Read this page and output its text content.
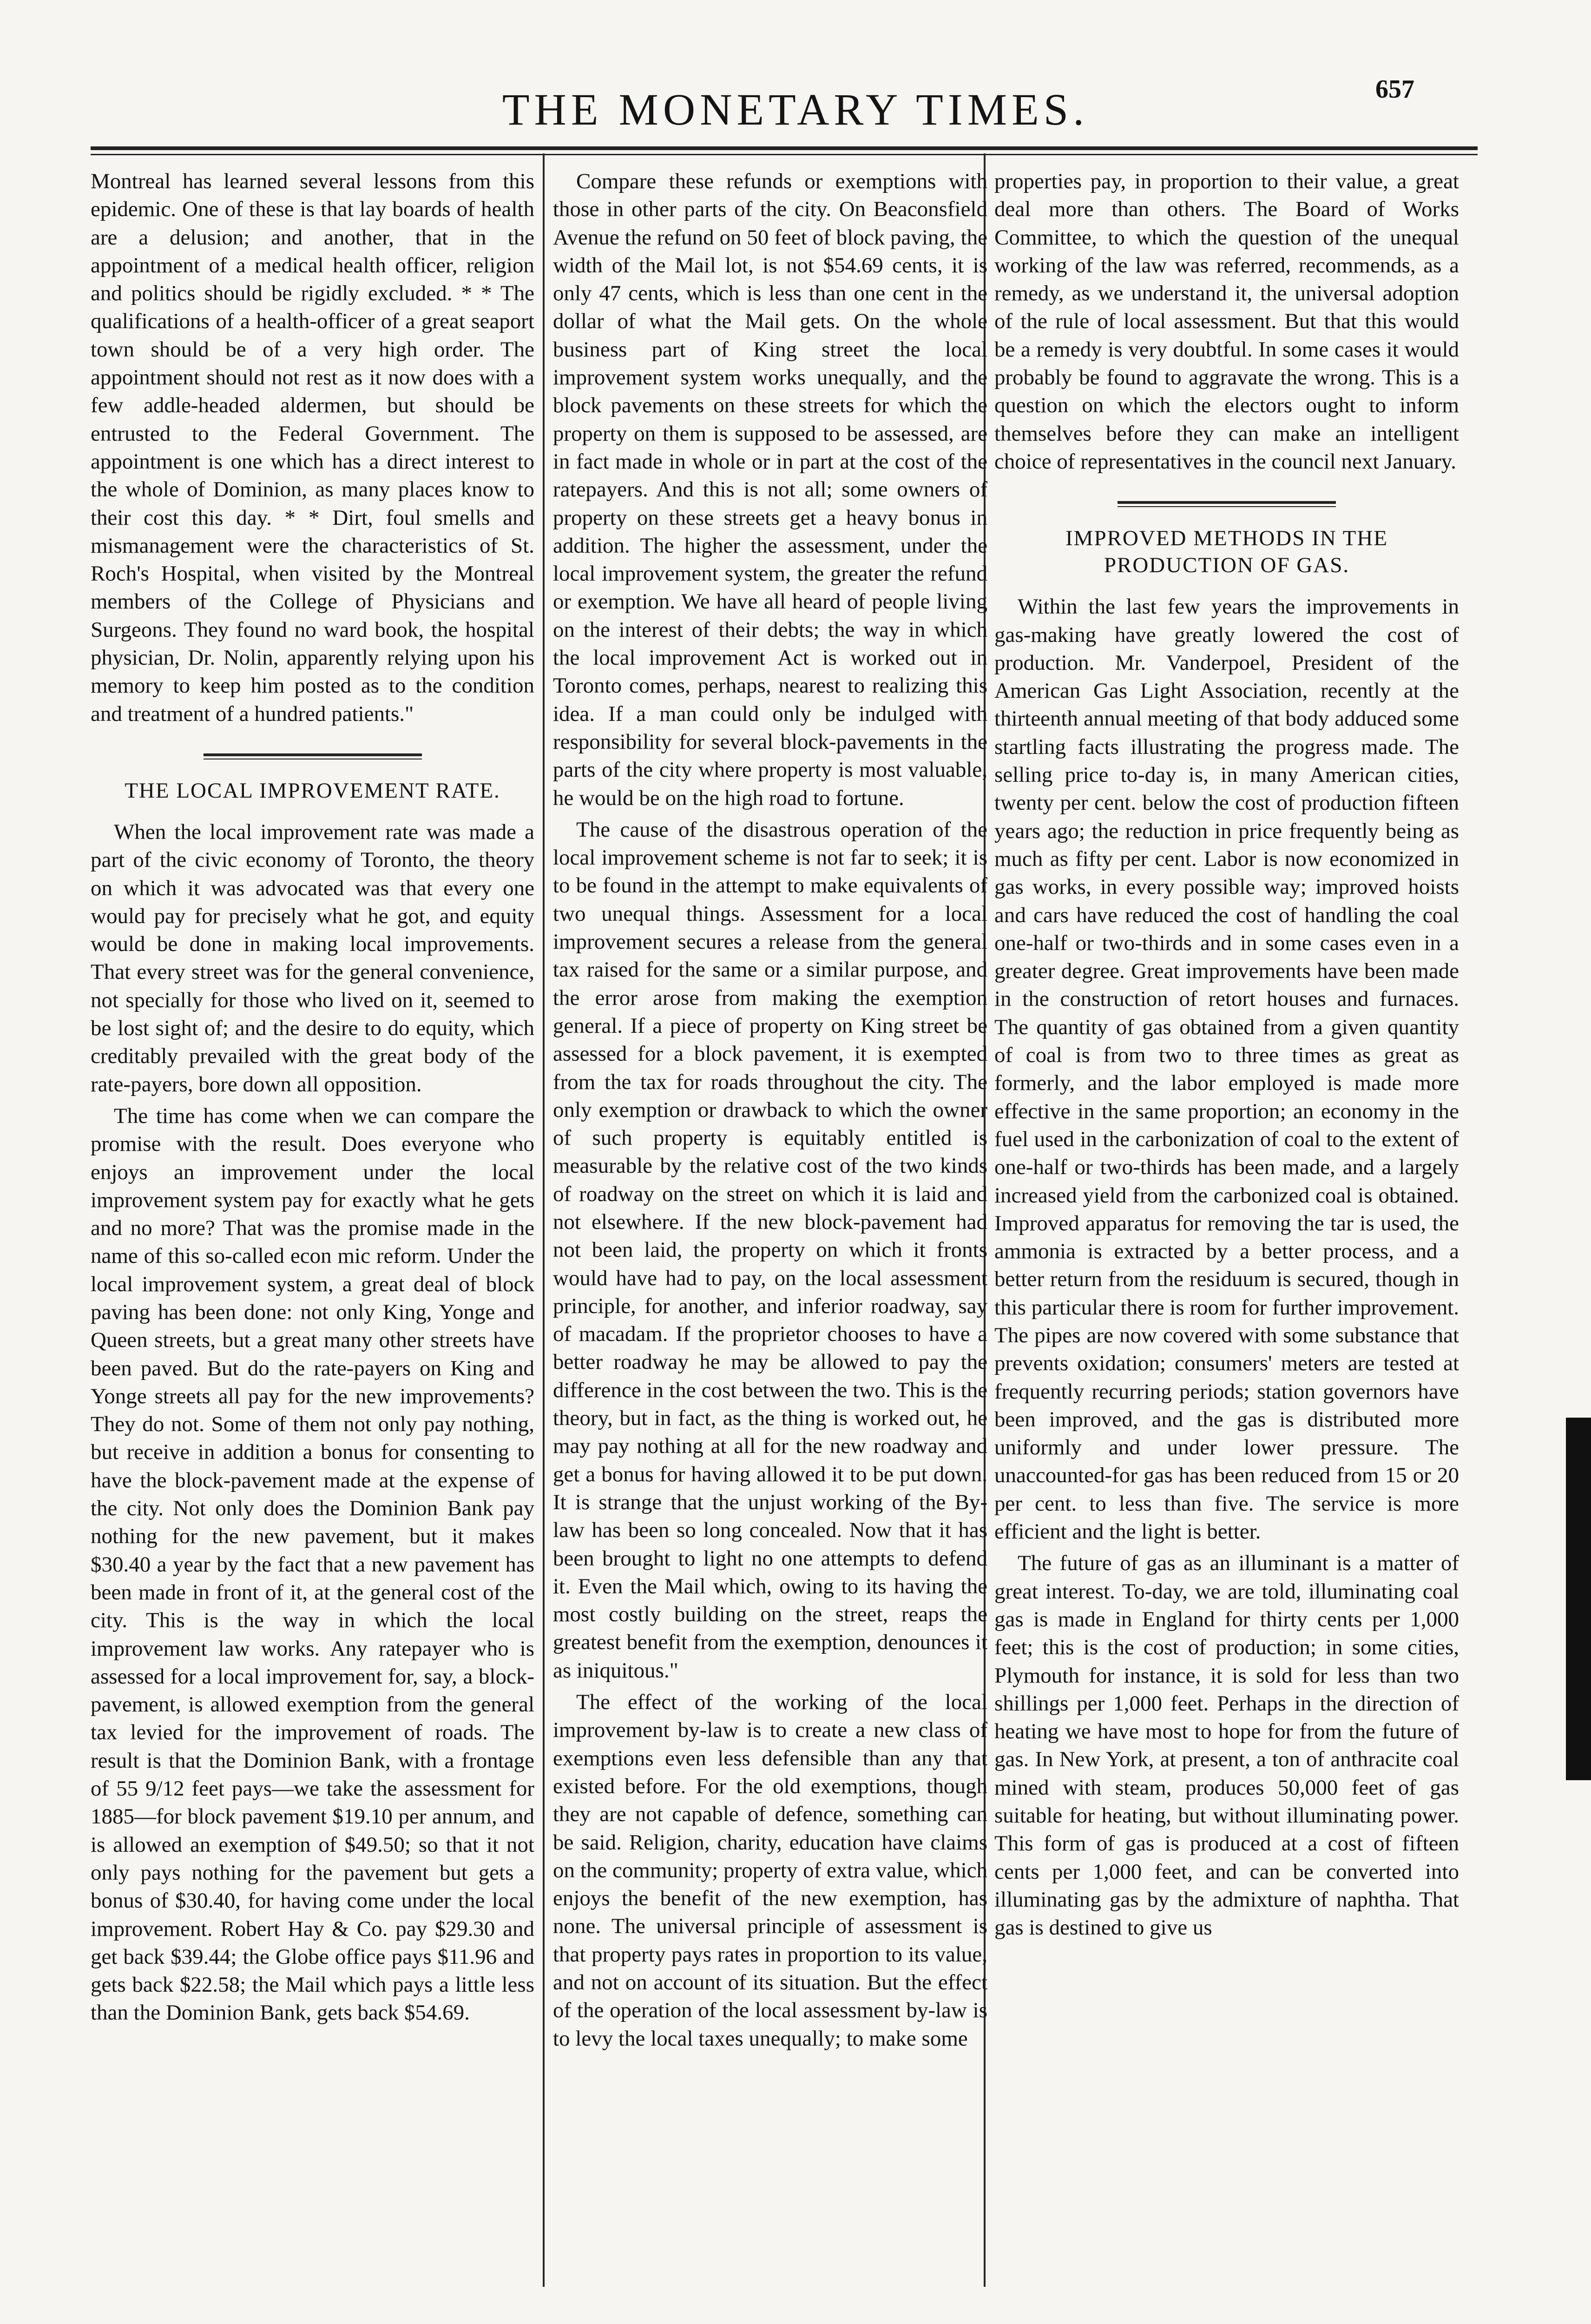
657
THE MONETARY TIMES.

Montreal has learned several lessons from this epidemic. One of these is that lay boards of health are a delusion; and another, that in the appointment of a medical health officer, religion and politics should be rigidly excluded. * * The qualifications of a health-officer of a great seaport town should be of a very high order. The appointment should not rest as it now does with a few addle-headed aldermen, but should be entrusted to the Federal Government. The appointment is one which has a direct interest to the whole of Dominion, as many places know to their cost this day. * * Dirt, foul smells and mismanagement were the characteristics of St. Roch's Hospital, when visited by the Montreal members of the College of Physicians and Surgeons. They found no ward book, the hospital physician, Dr. Nolin, apparently relying upon his memory to keep him posted as to the condition and treatment of a hundred patients."

THE LOCAL IMPROVEMENT RATE.

When the local improvement rate was made a part of the civic economy of Toronto, the theory on which it was advocated was that every one would pay for precisely what he got, and equity would be done in making local improvements. That every street was for the general convenience, not specially for those who lived on it, seemed to be lost sight of; and the desire to do equity, which creditably prevailed with the great body of the rate-payers, bore down all opposition.

The time has come when we can compare the promise with the result. Does everyone who enjoys an improvement under the local improvement system pay for exactly what he gets and no more? That was the promise made in the name of this so-called econ mic reform. Under the local improvement system, a great deal of block paving has been done: not only King, Yonge and Queen streets, but a great many other streets have been paved. But do the rate-payers on King and Yonge streets all pay for the new improvements? They do not. Some of them not only pay nothing, but receive in addition a bonus for consenting to have the block-pavement made at the expense of the city. Not only does the Dominion Bank pay nothing for the new pavement, but it makes $30.40 a year by the fact that a new pavement has been made in front of it, at the general cost of the city. This is the way in which the local improvement law works. Any ratepayer who is assessed for a local improvement for, say, a block-pavement, is allowed exemption from the general tax levied for the improvement of roads. The result is that the Dominion Bank, with a frontage of 55 9/12 feet pays—we take the assessment for 1885—for block pavement $19.10 per annum, and is allowed an exemption of $49.50; so that it not only pays nothing for the pavement but gets a bonus of $30.40, for having come under the local improvement. Robert Hay & Co. pay $29.30 and get back $39.44; the Globe office pays $11.96 and gets back $22.58; the Mail which pays a little less than the Dominion Bank, gets back $54.69.

Compare these refunds or exemptions with those in other parts of the city. On Beaconsfield Avenue the refund on 50 feet of block paving, the width of the Mail lot, is not $54.69 cents, it is only 47 cents, which is less than one cent in the dollar of what the Mail gets. On the whole business part of King street the local improvement system works unequally, and the block pavements on these streets for which the property on them is supposed to be assessed, are in fact made in whole or in part at the cost of the ratepayers. And this is not all; some owners of property on these streets get a heavy bonus in addition. The higher the assessment, under the local improvement system, the greater the refund or exemption. We have all heard of people living on the interest of their debts; the way in which the local improvement Act is worked out in Toronto comes, perhaps, nearest to realizing this idea. If a man could only be indulged with responsibility for several block-pavements in the parts of the city where property is most valuable, he would be on the high road to fortune.

The cause of the disastrous operation of the local improvement scheme is not far to seek; it is to be found in the attempt to make equivalents of two unequal things. Assessment for a local improvement secures a release from the general tax raised for the same or a similar purpose, and the error arose from making the exemption general. If a piece of property on King street be assessed for a block pavement, it is exempted from the tax for roads throughout the city. The only exemption or drawback to which the owner of such property is equitably entitled is measurable by the relative cost of the two kinds of roadway on the street on which it is laid and not elsewhere. If the new block-pavement had not been laid, the property on which it fronts would have had to pay, on the local assessment principle, for another, and inferior roadway, say of macadam. If the proprietor chooses to have a better roadway he may be allowed to pay the difference in the cost between the two. This is the theory, but in fact, as the thing is worked out, he may pay nothing at all for the new roadway and get a bonus for having allowed it to be put down. It is strange that the unjust working of the By-law has been so long concealed. Now that it has been brought to light no one attempts to defend it. Even the Mail which, owing to its having the most costly building on the street, reaps the greatest benefit from the exemption, denounces it as iniquitous."

The effect of the working of the local improvement by-law is to create a new class of exemptions even less defensible than any that existed before. For the old exemptions, though they are not capable of defence, something can be said. Religion, charity, education have claims on the community; property of extra value, which enjoys the benefit of the new exemption, has none. The universal principle of assessment is that property pays rates in proportion to its value, and not on account of its situation. But the effect of the operation of the local assessment by-law is to levy the local taxes unequally; to make some

properties pay, in proportion to their value, a great deal more than others. The Board of Works Committee, to which the question of the unequal working of the law was referred, recommends, as a remedy, as we understand it, the universal adoption of the rule of local assessment. But that this would be a remedy is very doubtful. In some cases it would probably be found to aggravate the wrong. This is a question on which the electors ought to inform themselves before they can make an intelligent choice of representatives in the council next January.

IMPROVED METHODS IN THE PRODUCTION OF GAS.

Within the last few years the improvements in gas-making have greatly lowered the cost of production. Mr. Vanderpoel, President of the American Gas Light Association, recently at the thirteenth annual meeting of that body adduced some startling facts illustrating the progress made. The selling price to-day is, in many American cities, twenty per cent. below the cost of production fifteen years ago; the reduction in price frequently being as much as fifty per cent. Labor is now economized in gas works, in every possible way; improved hoists and cars have reduced the cost of handling the coal one-half or two-thirds and in some cases even in a greater degree. Great improvements have been made in the construction of retort houses and furnaces. The quantity of gas obtained from a given quantity of coal is from two to three times as great as formerly, and the labor employed is made more effective in the same proportion; an economy in the fuel used in the carbonization of coal to the extent of one-half or two-thirds has been made, and a largely increased yield from the carbonized coal is obtained. Improved apparatus for removing the tar is used, the ammonia is extracted by a better process, and a better return from the residuum is secured, though in this particular there is room for further improvement. The pipes are now covered with some substance that prevents oxidation; consumers' meters are tested at frequently recurring periods; station governors have been improved, and the gas is distributed more uniformly and under lower pressure. The unaccounted-for gas has been reduced from 15 or 20 per cent. to less than five. The service is more efficient and the light is better.

The future of gas as an illuminant is a matter of great interest. To-day, we are told, illuminating coal gas is made in England for thirty cents per 1,000 feet; this is the cost of production; in some cities, Plymouth for instance, it is sold for less than two shillings per 1,000 feet. Perhaps in the direction of heating we have most to hope for from the future of gas. In New York, at present, a ton of anthracite coal mined with steam, produces 50,000 feet of gas suitable for heating, but without illuminating power. This form of gas is produced at a cost of fifteen cents per 1,000 feet, and can be converted into illuminating gas by the admixture of naphtha. That gas is destined to give us
